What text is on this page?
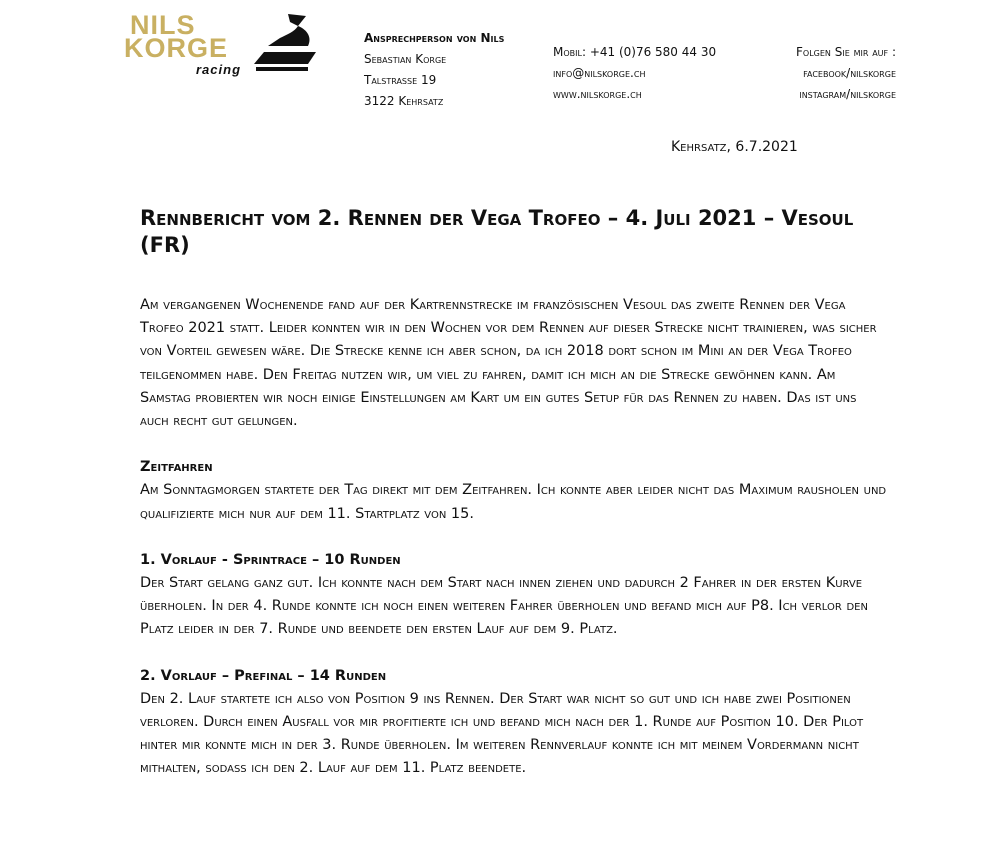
NILS
KORGE
racing
Ansprechperson von Nils
Sebastian Korge
Talstrasse 19
3122 Kehrsatz
Mobil: +41 (0)76 580 44 30
info@nilskorge.ch
www.nilskorge.ch
Folgen Sie mir auf :
facebook/nilskorge
instagram/nilskorge
Kehrsatz, 6.7.2021
Rennbericht vom 2. Rennen der Vega Trofeo – 4. Juli 2021 – Vesoul (FR)

Am vergangenen Wochenende fand auf der Kartrennstrecke im französischen Vesoul das zweite Rennen der Vega Trofeo 2021 statt. Leider konnten wir in den Wochen vor dem Rennen auf dieser Strecke nicht trainieren, was sicher von Vorteil gewesen wäre. Die Strecke kenne ich aber schon, da ich 2018 dort schon im Mini an der Vega Trofeo teilgenommen habe. Den Freitag nutzen wir, um viel zu fahren, damit ich mich an die Strecke gewöhnen kann. Am Samstag probierten wir noch einige Einstellungen am Kart um ein gutes Setup für das Rennen zu haben. Das ist uns auch recht gut gelungen.

Zeitfahren

Am Sonntagmorgen startete der Tag direkt mit dem Zeitfahren. Ich konnte aber leider nicht das Maximum rausholen und qualifizierte mich nur auf dem 11. Startplatz von 15.

1. Vorlauf - Sprintrace – 10 Runden

Der Start gelang ganz gut. Ich konnte nach dem Start nach innen ziehen und dadurch 2 Fahrer in der ersten Kurve überholen. In der 4. Runde konnte ich noch einen weiteren Fahrer überholen und befand mich auf P8. Ich verlor den Platz leider in der 7. Runde und beendete den ersten Lauf auf dem 9. Platz.

2. Vorlauf – Prefinal – 14 Runden

Den 2. Lauf startete ich also von Position 9 ins Rennen. Der Start war nicht so gut und ich habe zwei Positionen verloren. Durch einen Ausfall vor mir profitierte ich und befand mich nach der 1. Runde auf Position 10. Der Pilot hinter mir konnte mich in der 3. Runde überholen. Im weiteren Rennverlauf konnte ich mit meinem Vordermann nicht mithalten, sodass ich den 2. Lauf auf dem 11. Platz beendete.
